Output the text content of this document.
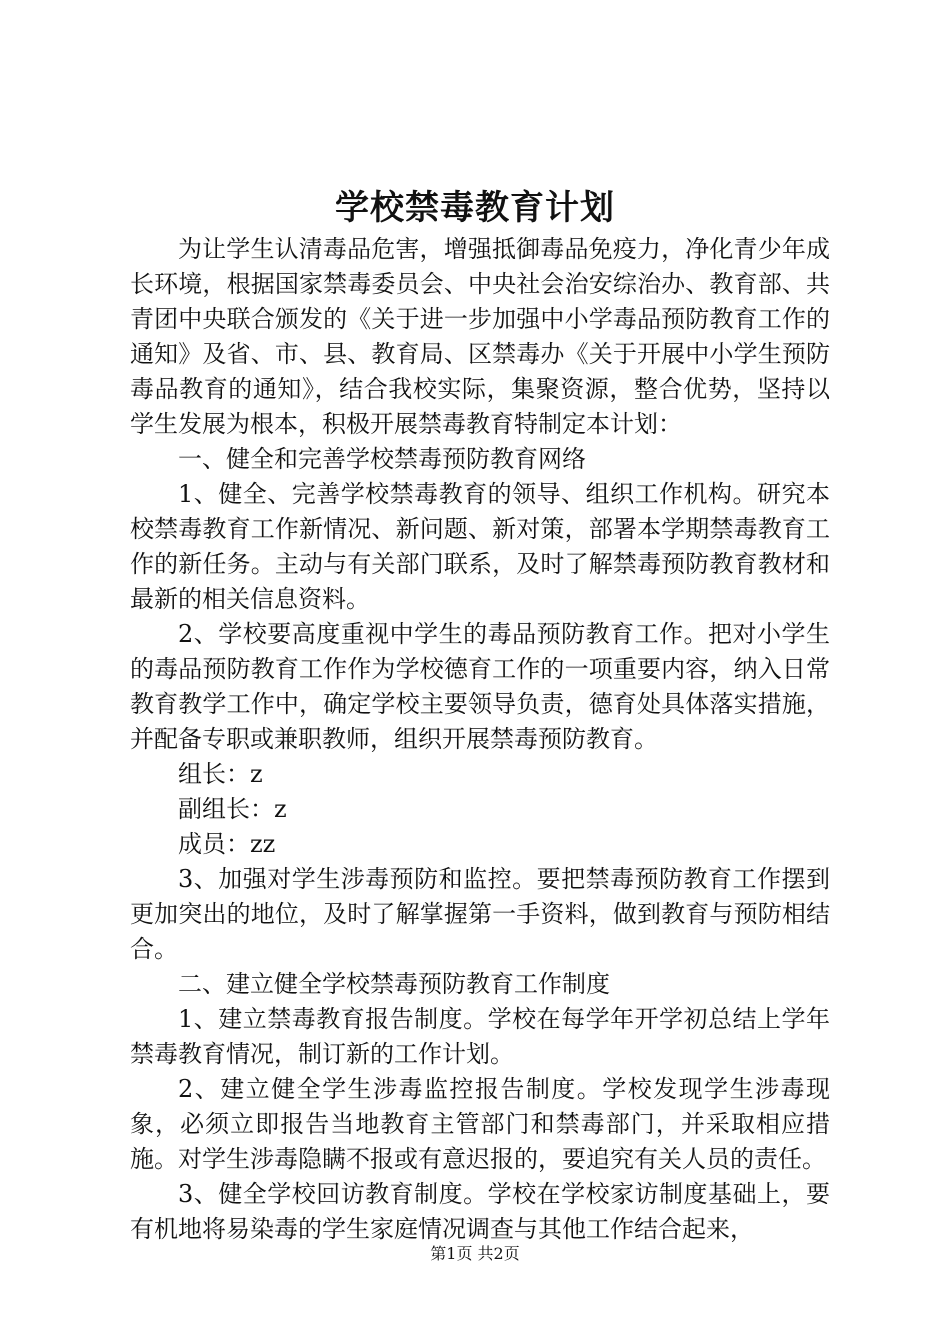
学校禁毒教育计划

为让学生认清毒品危害，增强抵御毒品免疫力，净化青少年成长环境，根据国家禁毒委员会、中央社会治安综治办、教育部、共青团中央联合颁发的《关于进一步加强中小学毒品预防教育工作的通知》及省、市、县、教育局、区禁毒办《关于开展中小学生预防毒品教育的通知》，结合我校实际，集聚资源，整合优势，坚持以学生发展为根本，积极开展禁毒教育特制定本计划：

一、健全和完善学校禁毒预防教育网络

1、健全、完善学校禁毒教育的领导、组织工作机构。研究本校禁毒教育工作新情况、新问题、新对策，部署本学期禁毒教育工作的新任务。主动与有关部门联系，及时了解禁毒预防教育教材和最新的相关信息资料。

2、学校要高度重视中学生的毒品预防教育工作。把对小学生的毒品预防教育工作作为学校德育工作的一项重要内容，纳入日常教育教学工作中，确定学校主要领导负责，德育处具体落实措施，并配备专职或兼职教师，组织开展禁毒预防教育。

组长：z

副组长：z

成员：zz

3、加强对学生涉毒预防和监控。要把禁毒预防教育工作摆到更加突出的地位，及时了解掌握第一手资料，做到教育与预防相结合。

二、建立健全学校禁毒预防教育工作制度

1、建立禁毒教育报告制度。学校在每学年开学初总结上学年禁毒教育情况，制订新的工作计划。

2、建立健全学生涉毒监控报告制度。学校发现学生涉毒现象，必须立即报告当地教育主管部门和禁毒部门，并采取相应措施。对学生涉毒隐瞒不报或有意迟报的，要追究有关人员的责任。

3、健全学校回访教育制度。学校在学校家访制度基础上，要有机地将易染毒的学生家庭情况调查与其他工作结合起来，

第1页 共2页
